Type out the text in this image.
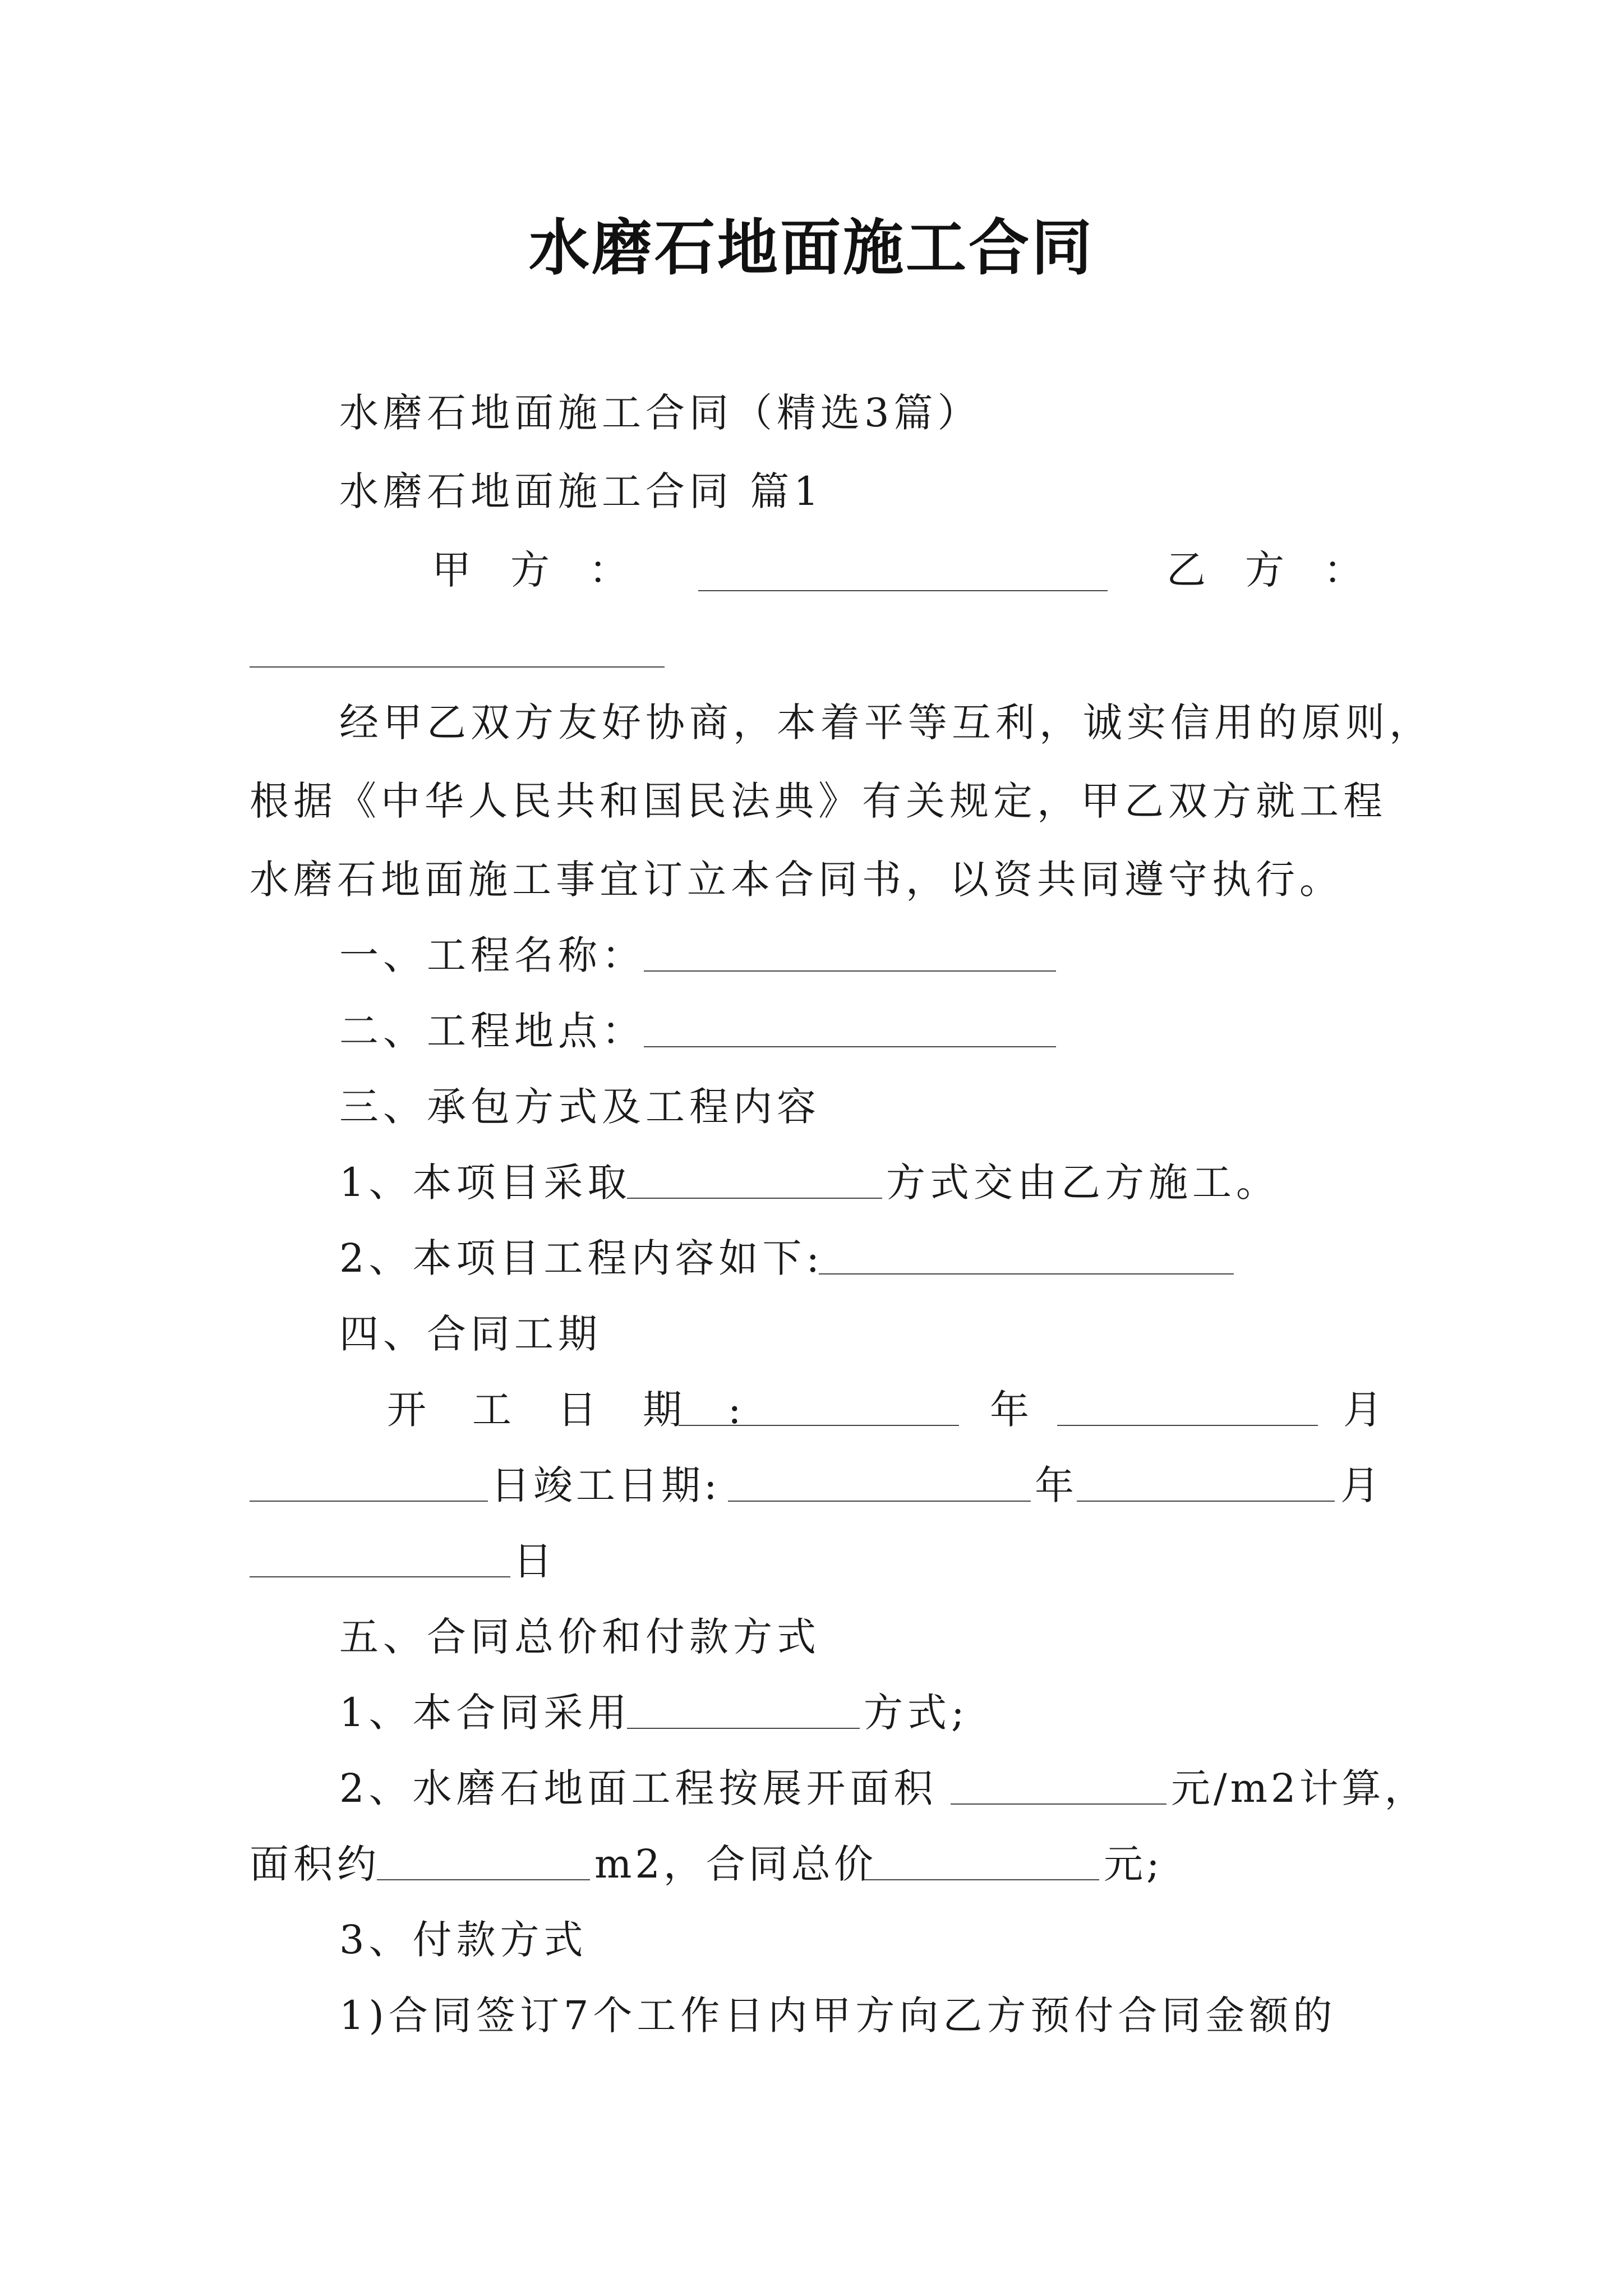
水磨石地面施工合同
水磨石地面施工合同（精选3篇）
水磨石地面施工合同 篇1
甲　方　：	乙　方　：
经甲乙双方友好协商，本着平等互利，诚实信用的原则，
根据《中华人民共和国民法典》有关规定，甲乙双方就工程
水磨石地面施工事宜订立本合同书，以资共同遵守执行。
一、工程名称：
二、工程地点：
三、承包方式及工程内容
1、本项目采取	方式交由乙方施工。
2、本项目工程内容如下:
四、合同工期
开　工　日　期　:	年	月
日竣工日期:	年	月
日
五、合同总价和付款方式
1、本合同采用	方式;
2、水磨石地面工程按展开面积	元/m2计算，
面积约	m2，合同总价	元;
3、付款方式
1)合同签订7个工作日内甲方向乙方预付合同金额的
